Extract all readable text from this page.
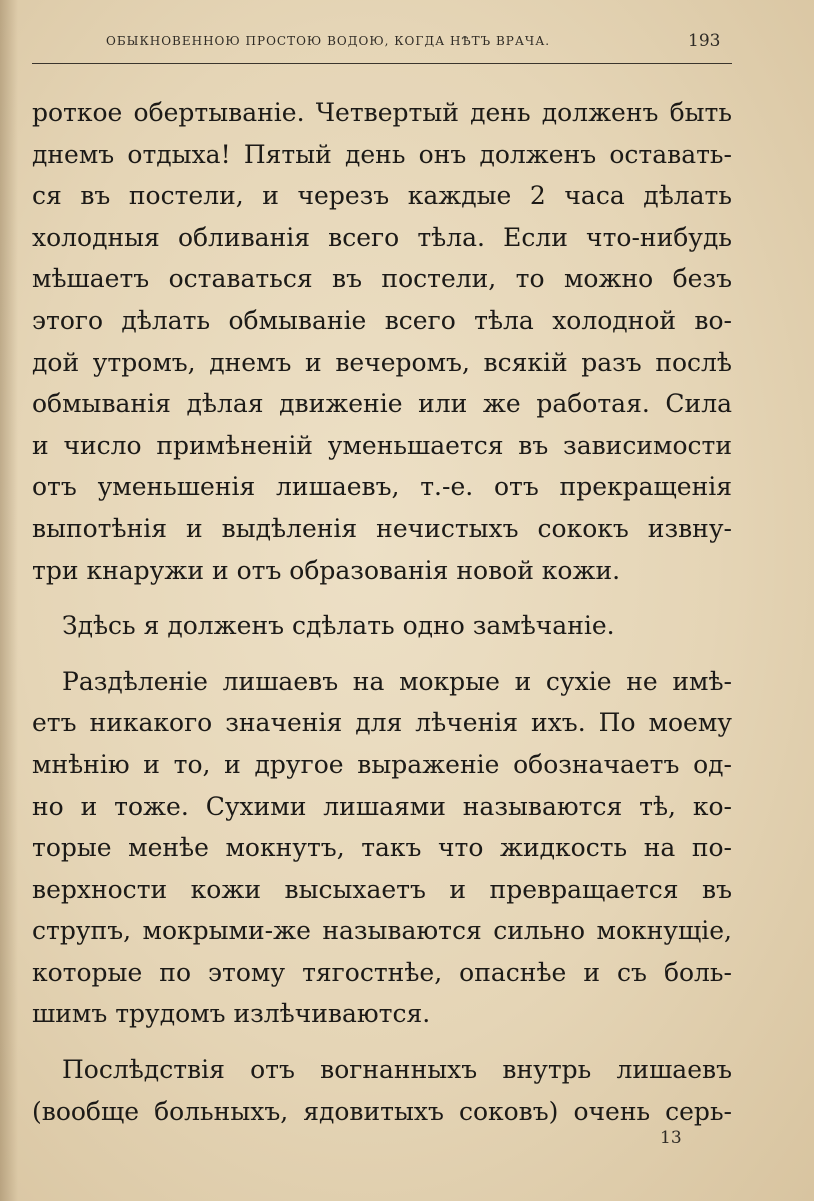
ОБЫКНОВЕННОЮ ПРОСТОЮ ВОДОЮ, КОГДА НѢТЪ ВРАЧА.	193
роткое обертываніе. Четвертый день долженъ быть
днемъ отдыха! Пятый день онъ долженъ оставать-
ся въ постели, и черезъ каждые 2 часа дѣлать
холодныя обливанія всего тѣла. Если что-нибудь
мѣшаетъ оставаться въ постели, то можно безъ
этого дѣлать обмываніе всего тѣла холодной во-
дой утромъ, днемъ и вечеромъ, всякій разъ послѣ
обмыванія дѣлая движеніе или же работая. Сила
и число примѣненій уменьшается въ зависимости
отъ уменьшенія лишаевъ, т.-е. отъ прекращенія
выпотѣнія и выдѣленія нечистыхъ сококъ извну-
три кнаружи и отъ образованія новой кожи.
Здѣсь я долженъ сдѣлать одно замѣчаніе.
Раздѣленіе лишаевъ на мокрые и сухіе не имѣ-
етъ никакого значенія для лѣченія ихъ. По моему
мнѣнію и то, и другое выраженіе обозначаетъ од-
но и тоже. Сухими лишаями называются тѣ, ко-
торые менѣе мокнутъ, такъ что жидкость на по-
верхности кожи высыхаетъ и превращается въ
струпъ, мокрыми-же называются сильно мокнущіе,
которые по этому тягостнѣе, опаснѣе и съ боль-
шимъ трудомъ излѣчиваются.
Послѣдствія отъ вогнанныхъ внутрь лишаевъ
(вообще больныхъ, ядовитыхъ соковъ) очень серь-
13
